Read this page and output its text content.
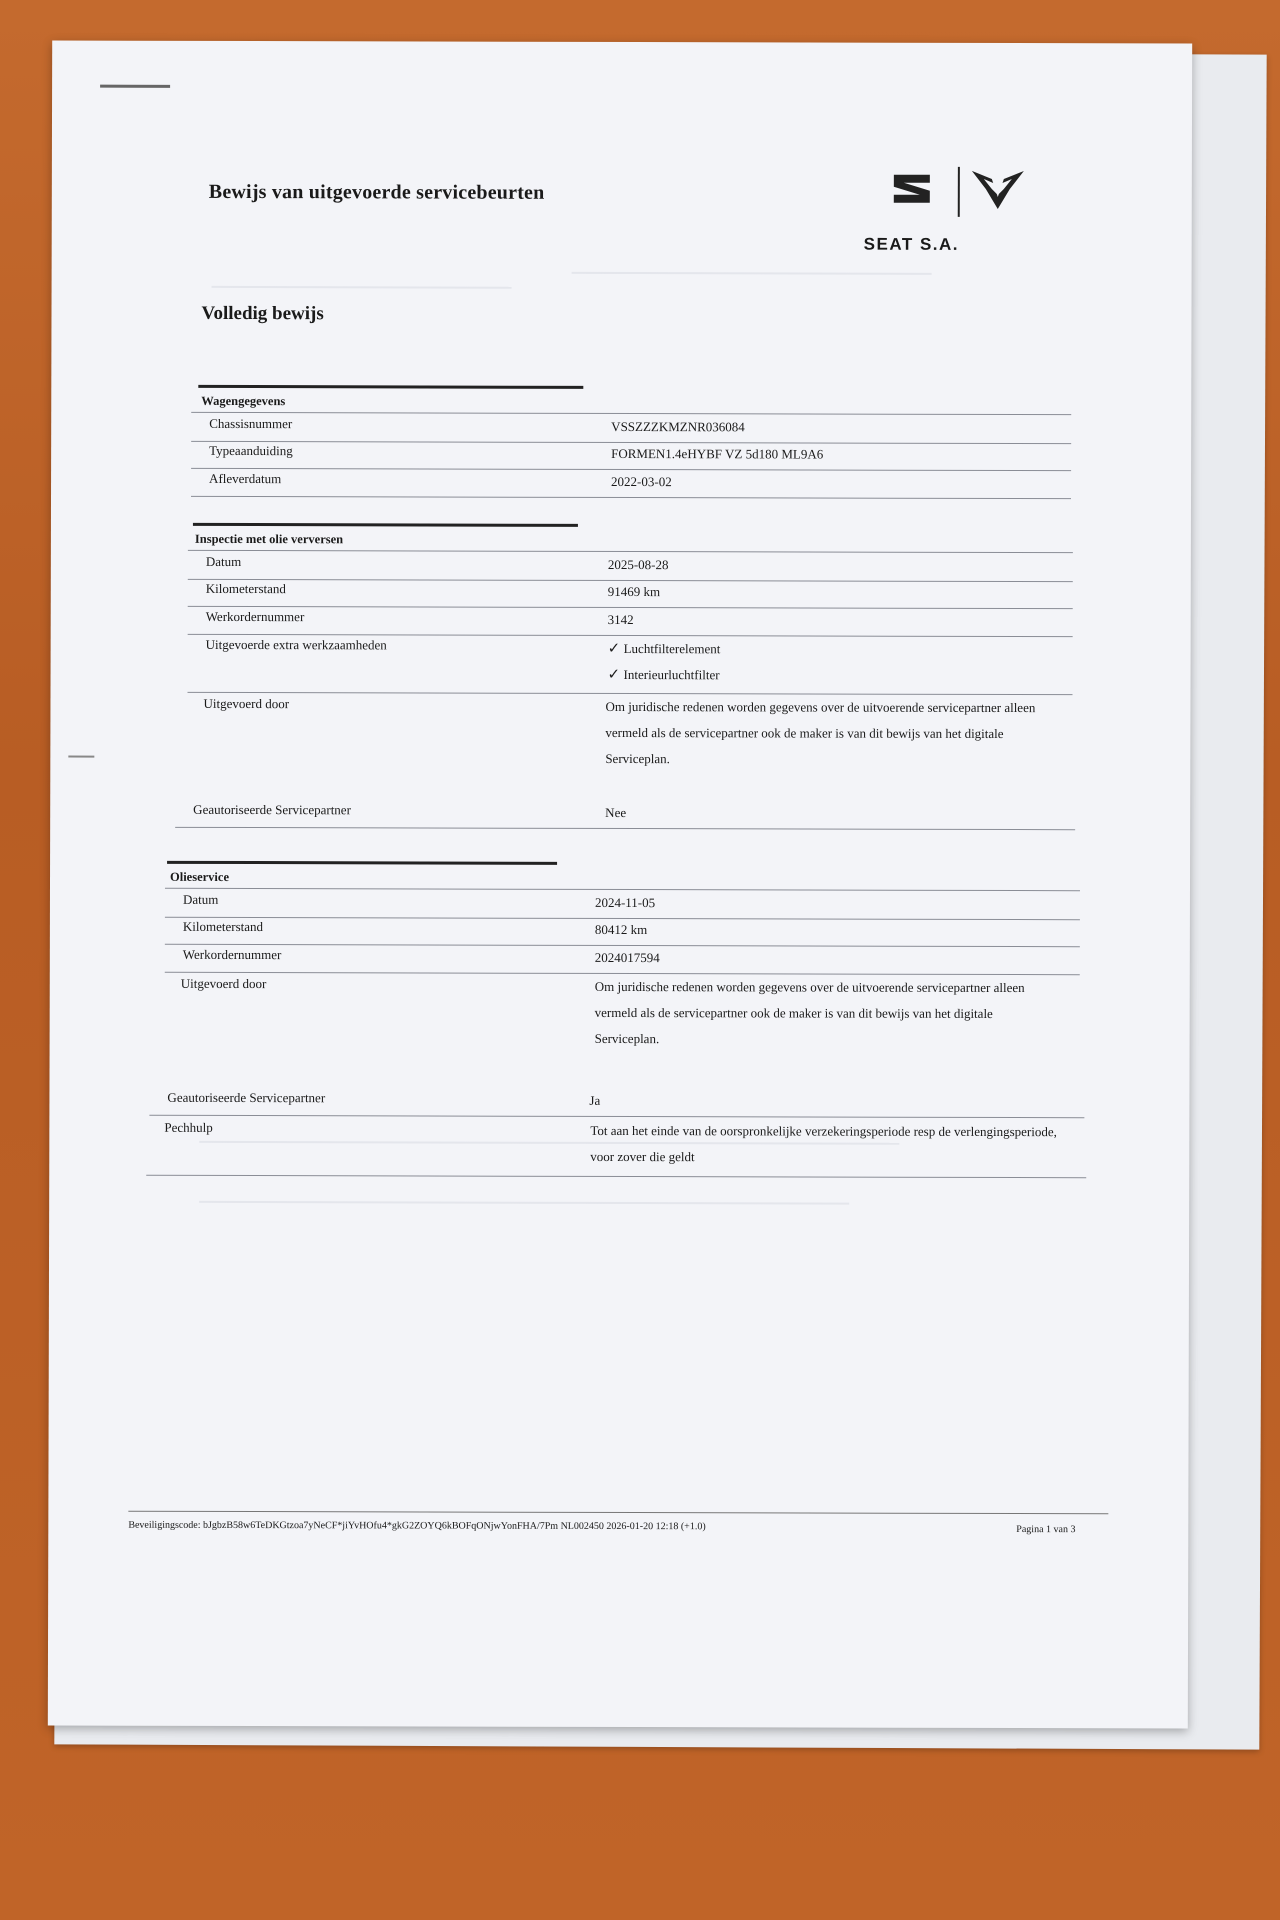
Bewijs van uitgevoerde servicebeurten
SEAT S.A.
Volledig bewijs
Wagengegevens
Chassisnummer	VSSZZZKMZNR036084
Typeaanduiding	FORMEN1.4eHYBF VZ 5d180 ML9A6
Afleverdatum	2022-03-02
Inspectie met olie verversen
Datum	2025-08-28
Kilometerstand	91469 km
Werkordernummer	3142
Uitgevoerde extra werkzaamheden	✓ Luchtfilterelement
✓ Interieurluchtfilter
Uitgevoerd door	Om juridische redenen worden gegevens over de uitvoerende servicepartner alleen vermeld als de servicepartner ook de maker is van dit bewijs van het digitale Serviceplan.
Geautoriseerde Servicepartner	Nee
Olieservice
Datum	2024-11-05
Kilometerstand	80412 km
Werkordernummer	2024017594
Uitgevoerd door	Om juridische redenen worden gegevens over de uitvoerende servicepartner alleen vermeld als de servicepartner ook de maker is van dit bewijs van het digitale Serviceplan.
Geautoriseerde Servicepartner	Ja
Pechhulp	Tot aan het einde van de oorspronkelijke verzekeringsperiode resp de verlengingsperiode, voor zover die geldt
Beveiligingscode: bJgbzB58w6TeDKGtzoa7yNeCF*jiYvHOfu4*gkG2ZOYQ6kBOFqONjwYonFHA/7Pm NL002450 2026-01-20 12:18 (+1.0)	Pagina 1 van 3
